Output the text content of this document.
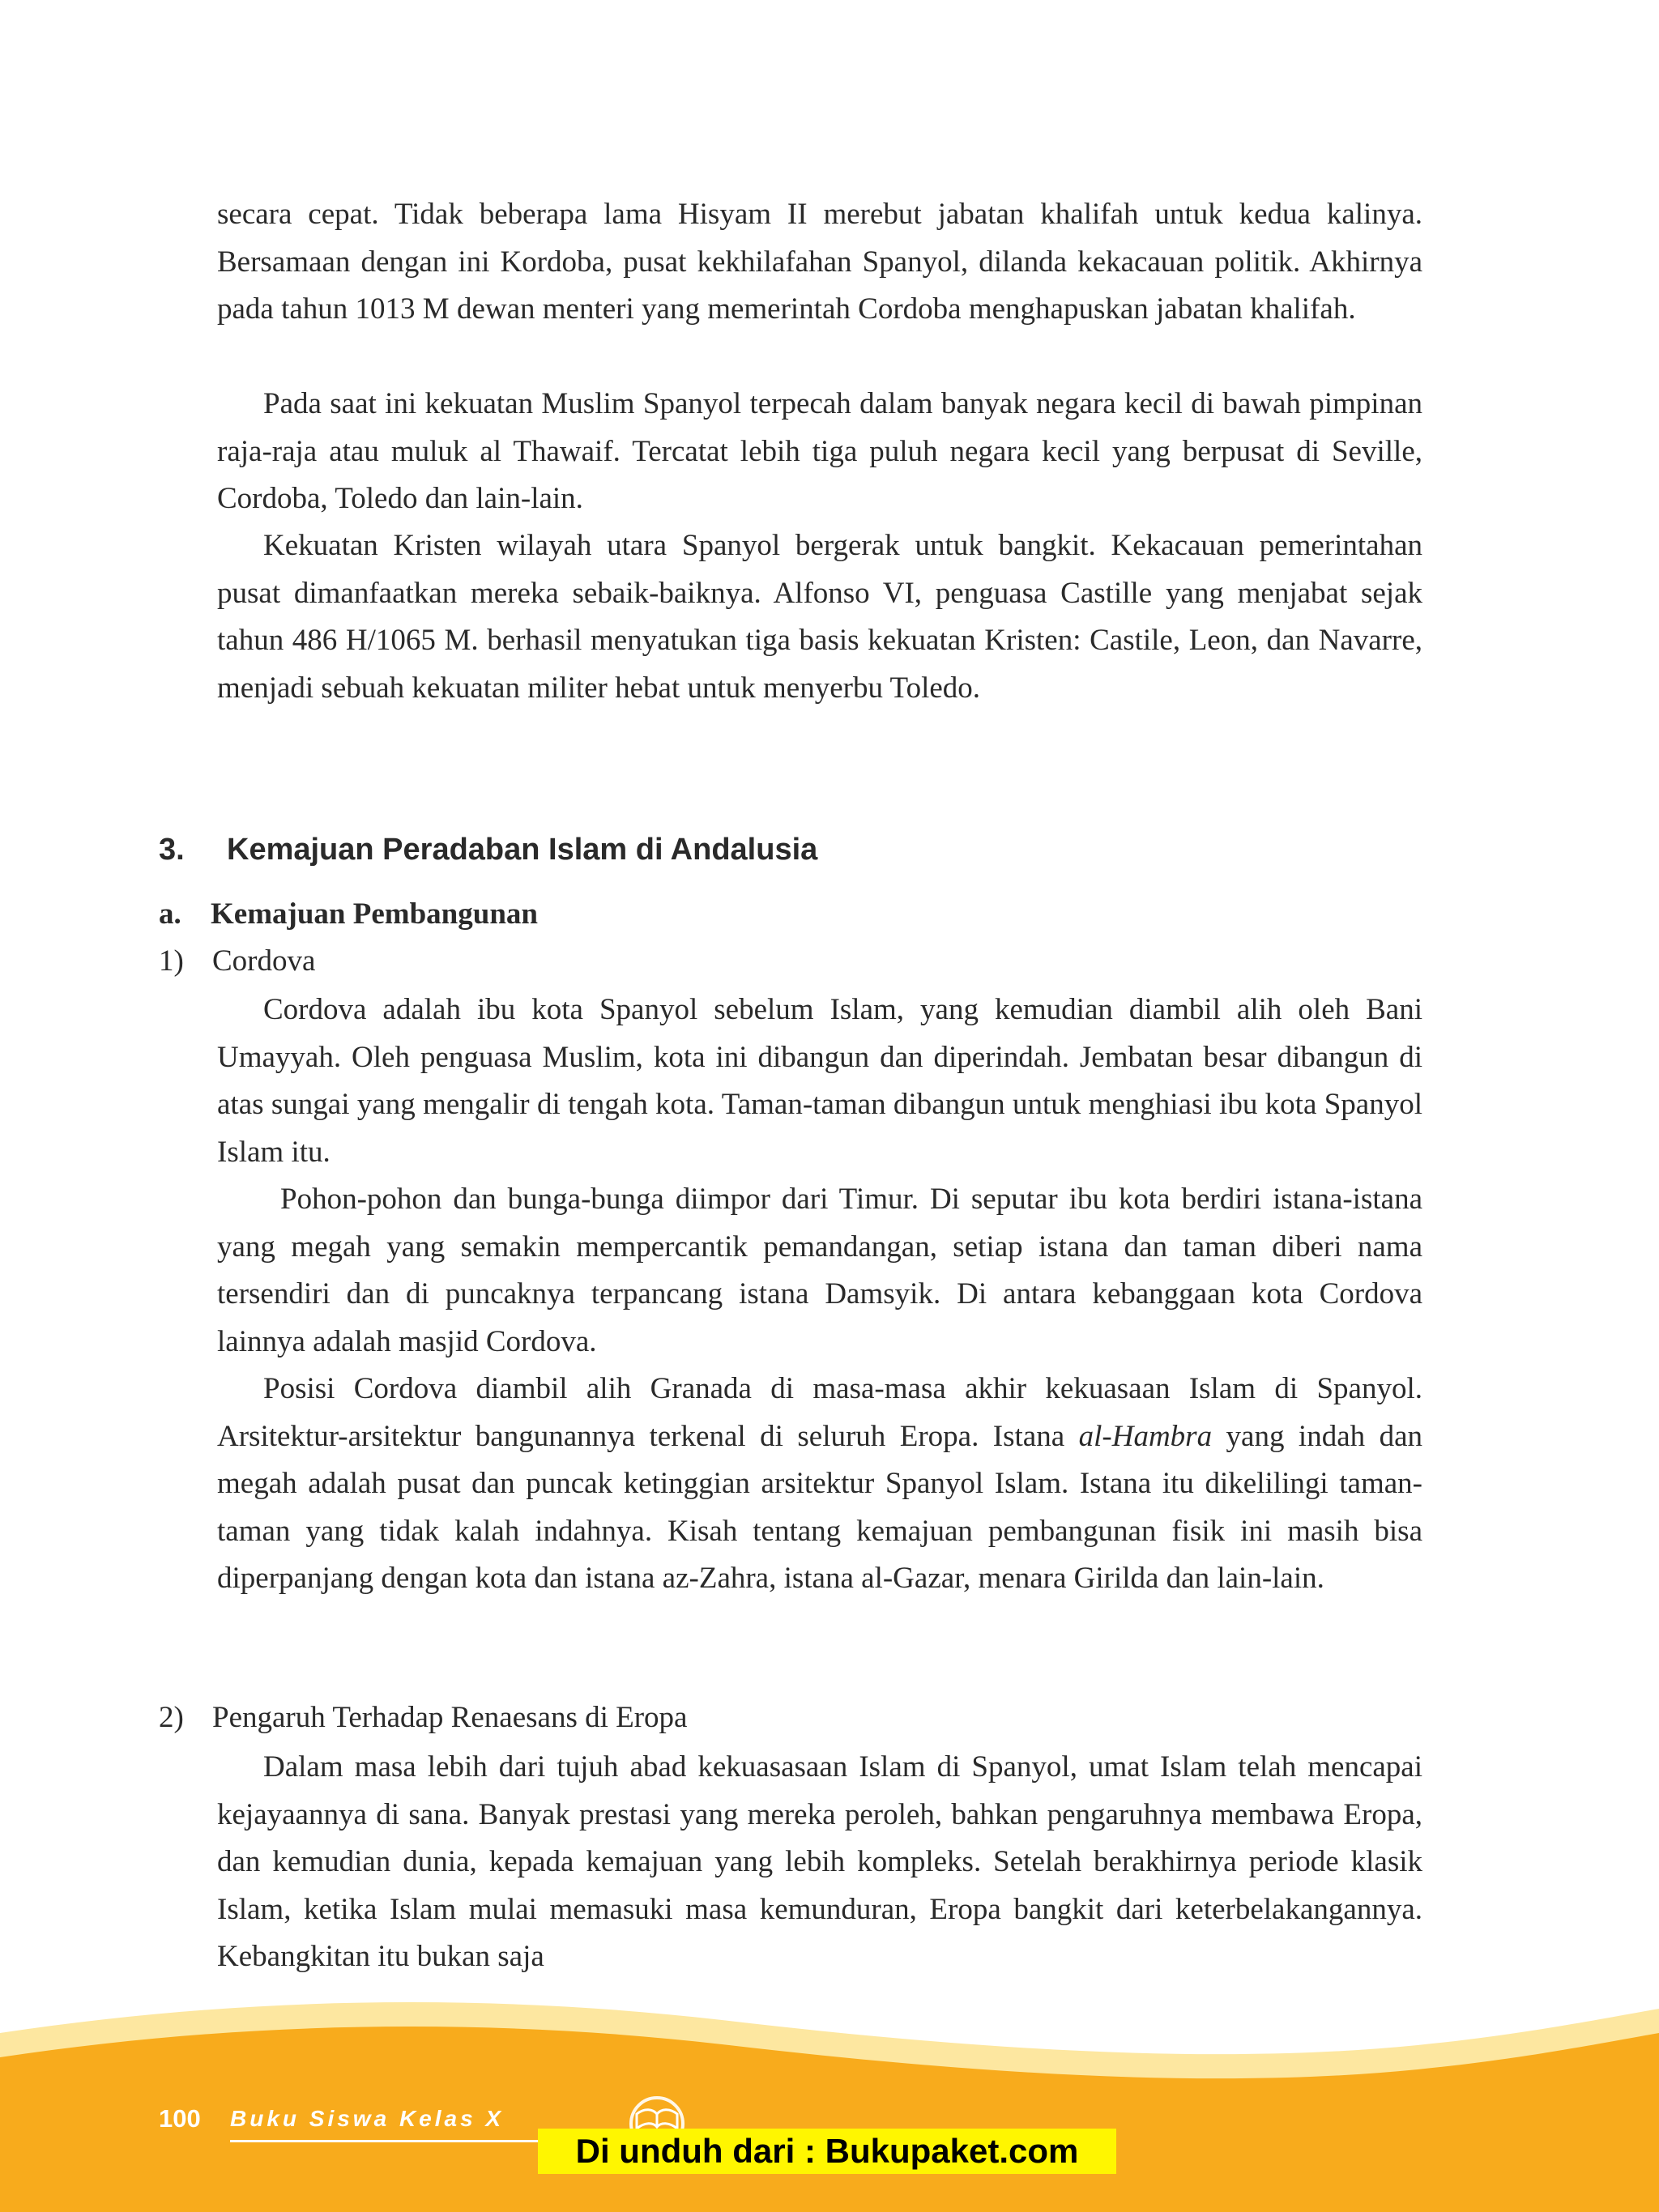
secara cepat. Tidak beberapa lama Hisyam II merebut jabatan khalifah untuk kedua kalinya. Bersamaan dengan ini Kordoba, pusat kekhilafahan Spanyol, dilanda kekacauan politik. Akhirnya pada tahun 1013 M dewan menteri yang memerintah Cordoba menghapuskan jabatan khalifah.

Pada saat ini kekuatan Muslim Spanyol terpecah dalam banyak negara kecil di bawah pimpinan raja-raja atau muluk al Thawaif. Tercatat lebih tiga puluh negara kecil yang berpusat di Seville, Cordoba, Toledo dan lain-lain.

Kekuatan Kristen wilayah utara Spanyol bergerak untuk bangkit. Kekacauan pemerintahan pusat dimanfaatkan mereka sebaik-baiknya. Alfonso VI, penguasa Castille yang menjabat sejak tahun 486 H/1065 M. berhasil menyatukan tiga basis kekuatan Kristen: Castile, Leon, dan Navarre, menjadi sebuah kekuatan militer hebat untuk menyerbu Toledo.

3. Kemajuan Peradaban Islam di Andalusia
a. Kemajuan Pembangunan
1) Cordova

Cordova adalah ibu kota Spanyol sebelum Islam, yang kemudian diambil alih oleh Bani Umayyah. Oleh penguasa Muslim, kota ini dibangun dan diperindah. Jembatan besar dibangun di atas sungai yang mengalir di tengah kota. Taman-taman dibangun untuk menghiasi ibu kota Spanyol Islam itu.

Pohon-pohon dan bunga-bunga diimpor dari Timur. Di seputar ibu kota berdiri istana-istana yang megah yang semakin mempercantik pemandangan, setiap istana dan taman diberi nama tersendiri dan di puncaknya terpancang istana Damsyik. Di antara kebanggaan kota Cordova lainnya adalah masjid Cordova.

Posisi Cordova diambil alih Granada di masa-masa akhir kekuasaan Islam di Spanyol. Arsitektur-arsitektur bangunannya terkenal di seluruh Eropa. Istana al-Hambra yang indah dan megah adalah pusat dan puncak ketinggian arsitektur Spanyol Islam. Istana itu dikelilingi taman-taman yang tidak kalah indahnya. Kisah tentang kemajuan pembangunan fisik ini masih bisa diperpanjang dengan kota dan istana az-Zahra, istana al-Gazar, menara Girilda dan lain-lain.

2) Pengaruh Terhadap Renaesans di Eropa

Dalam masa lebih dari tujuh abad kekuasasaan Islam di Spanyol, umat Islam telah mencapai kejayaannya di sana. Banyak prestasi yang mereka peroleh, bahkan pengaruhnya membawa Eropa, dan kemudian dunia, kepada kemajuan yang lebih kompleks. Setelah berakhirnya periode klasik Islam, ketika Islam mulai memasuki masa kemunduran, Eropa bangkit dari keterbelakangannya. Kebangkitan itu bukan saja

100 Buku Siswa Kelas X
Di unduh dari : Bukupaket.com
